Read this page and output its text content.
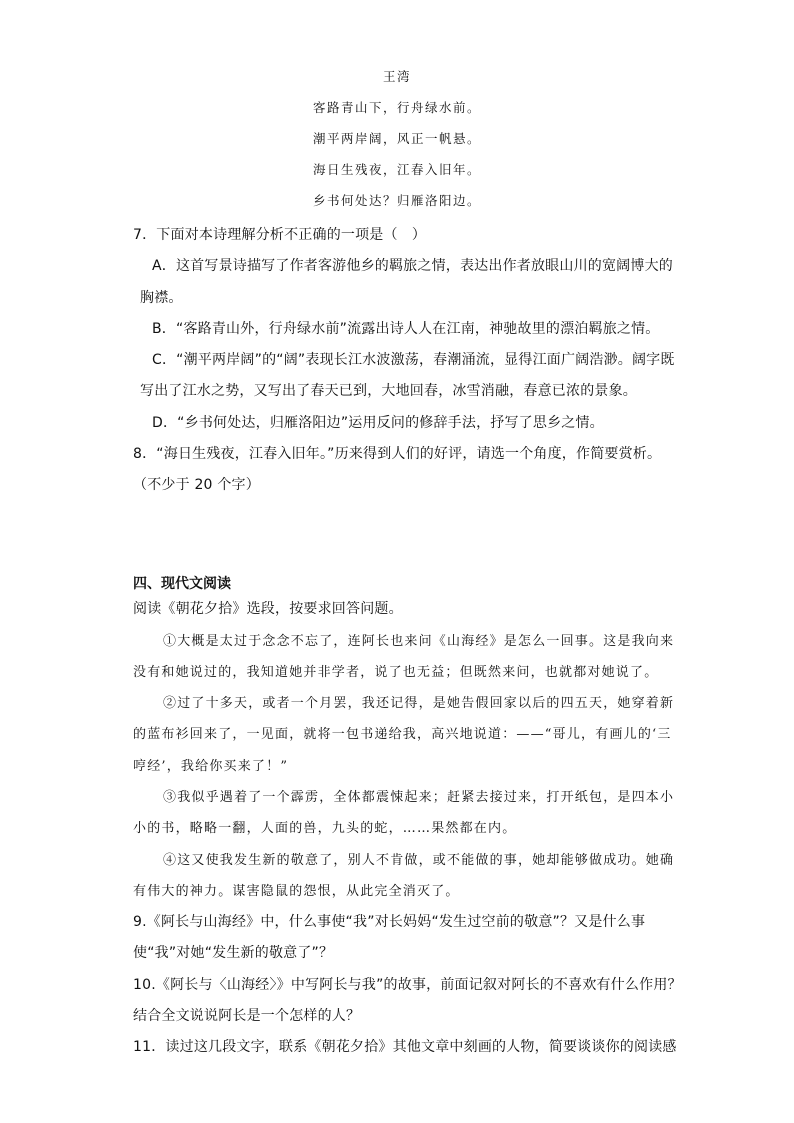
王湾
客路青山下，行舟绿水前。
潮平两岸阔，风正一帆悬。
海日生残夜，江春入旧年。
乡书何处达？归雁洛阳边。
7．下面对本诗理解分析不正确的一项是（　）
A．这首写景诗描写了作者客游他乡的羁旅之情，表达出作者放眼山川的宽阔博大的
胸襟。
B．“客路青山外，行舟绿水前”流露出诗人人在江南，神驰故里的漂泊羁旅之情。
C．“潮平两岸阔”的“阔”表现长江水波激荡，春潮涌流，显得江面广阔浩渺。阔字既
写出了江水之势，又写出了春天已到，大地回春，冰雪消融，春意已浓的景象。
D．“乡书何处达，归雁洛阳边”运用反问的修辞手法，抒写了思乡之情。
8．“海日生残夜，江春入旧年。”历来得到人们的好评，请选一个角度，作简要赏析。
（不少于 20 个字）
四、现代文阅读
阅读《朝花夕拾》选段，按要求回答问题。
①大概是太过于念念不忘了，连阿长也来问《山海经》是怎么一回事。这是我向来
没有和她说过的，我知道她并非学者，说了也无益；但既然来问，也就都对她说了。
②过了十多天，或者一个月罢，我还记得，是她告假回家以后的四五天，她穿着新
的蓝布衫回来了，一见面，就将一包书递给我，高兴地说道：——“哥儿，有画儿的‘三
哼经’，我给你买来了！”
③我似乎遇着了一个霹雳，全体都震悚起来；赶紧去接过来，打开纸包，是四本小
小的书，略略一翻，人面的兽，九头的蛇，……果然都在内。
④这又使我发生新的敬意了，别人不肯做，或不能做的事，她却能够做成功。她确
有伟大的神力。谋害隐鼠的怨恨，从此完全消灭了。
9.《阿长与山海经》中，什么事使“我”对长妈妈“发生过空前的敬意”？又是什么事
使“我”对她“发生新的敬意了”？
10.《阿长与〈山海经〉》中写阿长与我”的故事，前面记叙对阿长的不喜欢有什么作用？
结合全文说说阿长是一个怎样的人？
11．读过这几段文字，联系《朝花夕拾》其他文章中刻画的人物，简要谈谈你的阅读感
